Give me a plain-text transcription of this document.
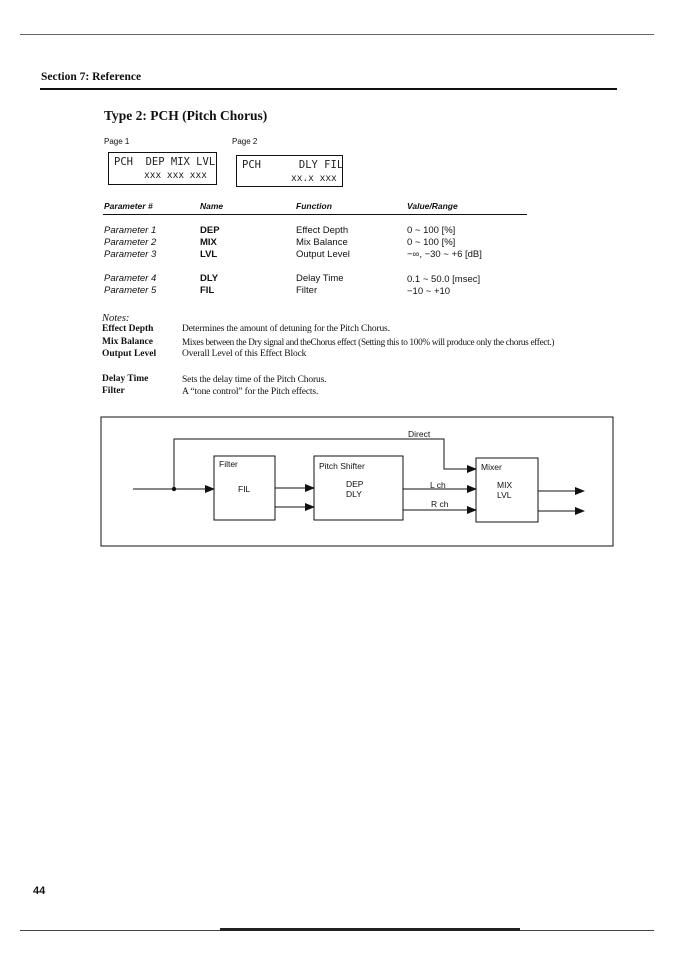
Section 7: Reference
Type 2: PCH (Pitch Chorus)
Page 1	Page 2
PCH  DEP MIX LVL
xxx xxx xxx
PCH      DLY FIL
xx.x xxx
Parameter #	Name	Function	Value/Range
Parameter 1	DEP	Effect Depth	0 ~ 100 [%]
Parameter 2	MIX	Mix Balance	0 ~ 100 [%]
Parameter 3	LVL	Output Level	−∞, −30 ~ +6 [dB]
Parameter 4	DLY	Delay Time	0.1 ~ 50.0 [msec]
Parameter 5	FIL	Filter	−10 ~ +10
Notes:
Effect Depth	Determines the amount of detuning for the Pitch Chorus.
Mix Balance	Mixes between the Dry signal and theChorus effect (Setting this to 100% will produce only the chorus effect.)
Output Level	Overall Level of this Effect Block
Delay Time	Sets the delay time of the Pitch Chorus.
Filter	A “tone control” for the Pitch effects.
Direct
Filter
FIL
Pitch Shifter
DEP
DLY
L ch
R ch
Mixer
MIX
LVL
44
